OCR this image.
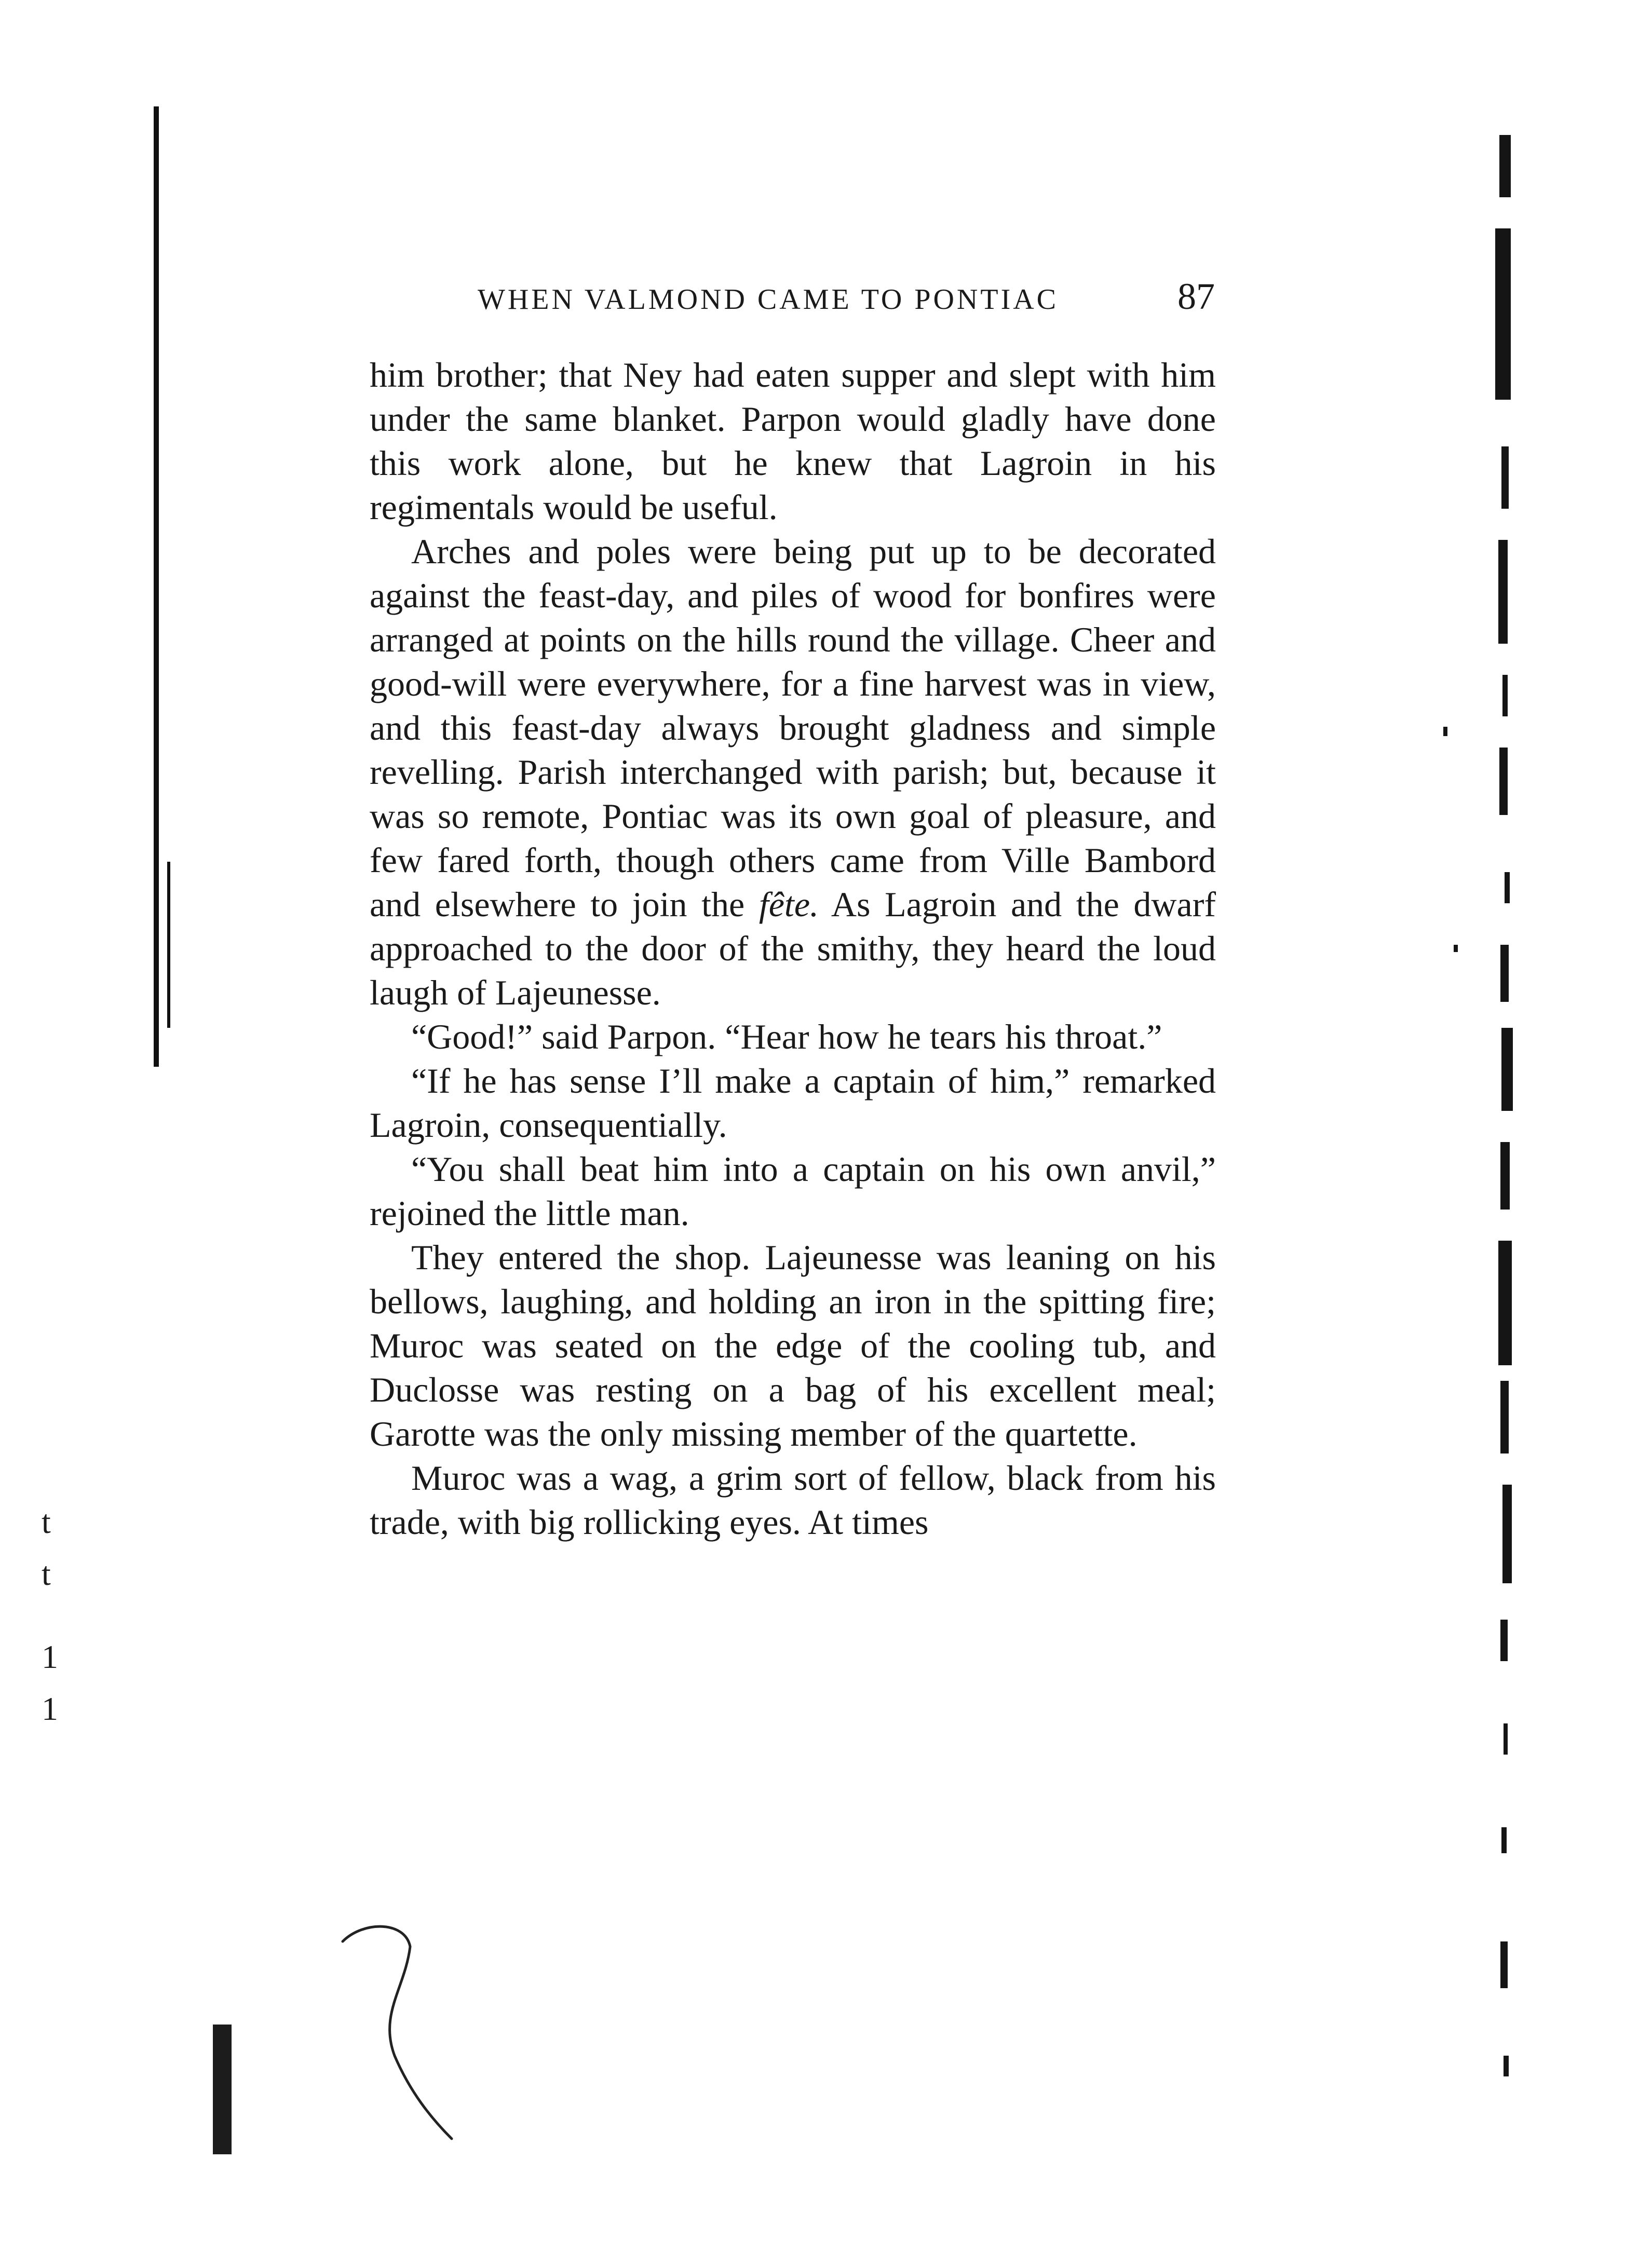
t
t
1
1
WHEN VALMOND CAME TO PONTIAC	87

him brother; that Ney had eaten supper and slept with him under the same blanket. Parpon would gladly have done this work alone, but he knew that Lagroin in his regimentals would be useful.

Arches and poles were being put up to be decorated against the feast-day, and piles of wood for bonfires were arranged at points on the hills round the village. Cheer and good-will were everywhere, for a fine harvest was in view, and this feast-day always brought gladness and simple revelling. Parish interchanged with parish; but, because it was so remote, Pontiac was its own goal of pleasure, and few fared forth, though others came from Ville Bambord and elsewhere to join the fête. As Lagroin and the dwarf approached to the door of the smithy, they heard the loud laugh of Lajeunesse.

“Good!” said Parpon. “Hear how he tears his throat.”

“If he has sense I’ll make a captain of him,” remarked Lagroin, consequentially.

“You shall beat him into a captain on his own anvil,” rejoined the little man.

They entered the shop. Lajeunesse was leaning on his bellows, laughing, and holding an iron in the spitting fire; Muroc was seated on the edge of the cooling tub, and Duclosse was resting on a bag of his excellent meal; Garotte was the only missing member of the quartette.

Muroc was a wag, a grim sort of fellow, black from his trade, with big rollicking eyes. At times
